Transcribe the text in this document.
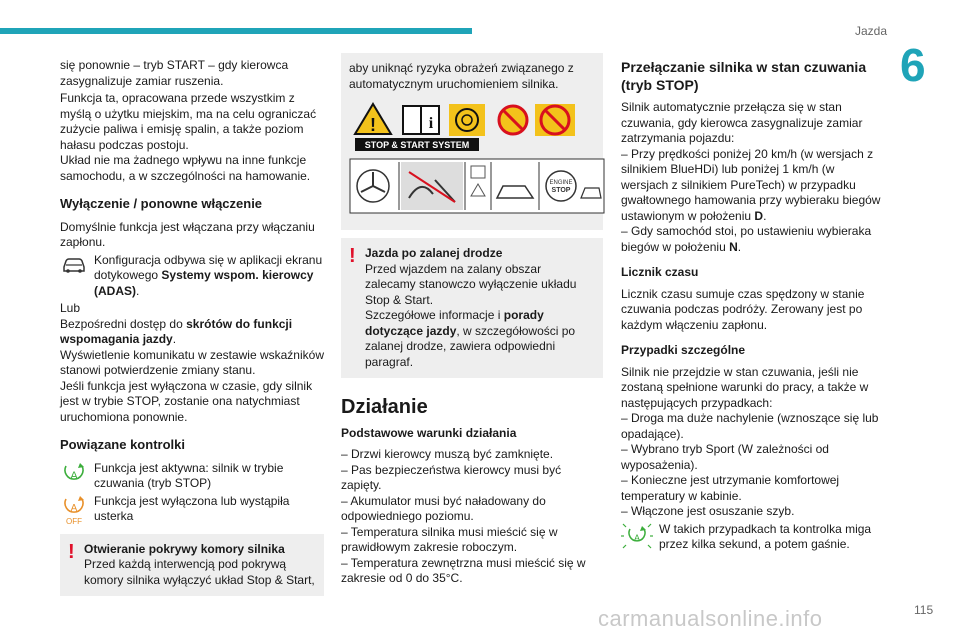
Jazda
6
115
carmanualsonline.info

się ponownie – tryb START – gdy kierowca zasygnalizuje zamiar ruszenia.

Funkcja ta, opracowana przede wszystkim z myślą o użytku miejskim, ma na celu ograniczać zużycie paliwa i emisję spalin, a także poziom hałasu podczas postoju.

Układ nie ma żadnego wpływu na inne funkcje samochodu, a w szczególności na hamowanie.

Wyłączenie / ponowne włączenie

Domyślnie funkcja jest włączana przy włączaniu zapłonu.

Konfiguracja odbywa się w aplikacji ekranu dotykowego Systemy wspom. kierowcy (ADAS).

Lub

Bezpośredni dostęp do skrótów do funkcji wspomagania jazdy.

Wyświetlenie komunikatu w zestawie wskaźników stanowi potwierdzenie zmiany stanu.

Jeśli funkcja jest wyłączona w czasie, gdy silnik jest w trybie STOP, zostanie ona natychmiast uruchomiona ponownie.

Powiązane kontrolki
A

Funkcja jest aktywna: silnik w trybie czuwania (tryb STOP)

A
OFF

Funkcja jest wyłączona lub wystąpiła usterka

! Otwieranie pokrywy komory silnika

Przed każdą interwencją pod pokrywą komory silnika wyłączyć układ Stop & Start,

aby uniknąć ryzyka obrażeń związanego z automatycznym uruchomieniem silnika.

!	i
STOP & START SYSTEM
ENGINE
STOP
! Jazda po zalanej drodze

Przed wjazdem na zalany obszar zalecamy stanowczo wyłączenie układu Stop & Start.

Szczegółowe informacje i porady dotyczące jazdy, w szczegółowości po zalanej drodze, zawiera odpowiedni paragraf.

Działanie
Podstawowe warunki działania

– Drzwi kierowcy muszą być zamknięte.

– Pas bezpieczeństwa kierowcy musi być zapięty.

– Akumulator musi być naładowany do odpowiedniego poziomu.

– Temperatura silnika musi mieścić się w prawidłowym zakresie roboczym.

– Temperatura zewnętrzna musi mieścić się w zakresie od 0 do 35°C.

Przełączanie silnika w stan czuwania (tryb STOP)

Silnik automatycznie przełącza się w stan czuwania, gdy kierowca zasygnalizuje zamiar zatrzymania pojazdu:

– Przy prędkości poniżej 20 km/h (w wersjach z silnikiem BlueHDi) lub poniżej 1 km/h (w wersjach z silnikiem PureTech) w przypadku gwałtownego hamowania przy wybieraku biegów ustawionym w położeniu D.

– Gdy samochód stoi, po ustawieniu wybieraka biegów w położeniu N.

Licznik czasu

Licznik czasu sumuje czas spędzony w stanie czuwania podczas podróży. Zerowany jest po każdym włączeniu zapłonu.

Przypadki szczególne

Silnik nie przejdzie w stan czuwania, jeśli nie zostaną spełnione warunki do pracy, a także w następujących przypadkach:

– Droga ma duże nachylenie (wznoszące się lub opadające).

– Wybrano tryb Sport (W zależności od wyposażenia).

– Konieczne jest utrzymanie komfortowej temperatury w kabinie.

– Włączone jest osuszanie szyb.

A

W takich przypadkach ta kontrolka miga przez kilka sekund, a potem gaśnie.
